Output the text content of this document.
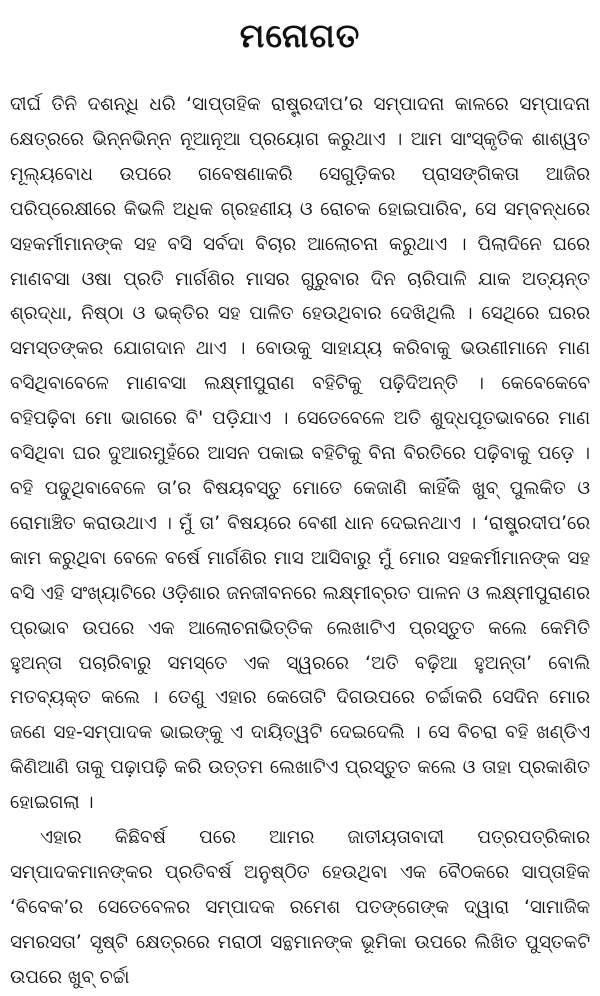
ମନୋଗତ

ଦୀର୍ଘ ତିନି ଦଶନ୍ଧି ଧରି ‘ସାପ୍ତାହିକ ରାଷ୍ଟ୍ରଦୀପ’ର ସମ୍ପାଦନା କାଳରେ ସମ୍ପାଦନା କ୍ଷେତ୍ରରେ ଭିନ୍ନଭିନ୍ନ ନୂଆନୂଆ ପ୍ରୟୋଗ କରୁଥାଏ । ଆମ ସାଂସ୍କୃତିକ ଶାଶ୍ୱତ ମୂଲ୍ୟବୋଧ ଉପରେ ଗବେଷଣାକରି ସେଗୁଡ଼ିକର ପ୍ରାସଙ୍ଗିକତା ଆଜିର ପରିପ୍ରେକ୍ଷୀରେ କିଭଳି ଅଧିକ ଗ୍ରହଣୀୟ ଓ ରୋଚକ ହୋଇପାରିବ, ସେ ସମ୍ବନ୍ଧରେ ସହକର୍ମୀମାନଙ୍କ ସହ ବସି ସର୍ବଦା ବିଚାର ଆଲୋଚନା କରୁଥାଏ । ପିଲାଦିନେ ଘରେ ମାଣବସା ଓଷା ପ୍ରତି ମାର୍ଗଶିର ମାସର ଗୁରୁବାର ଦିନ ଚାରିପାଳି ଯାକ ଅତ୍ୟନ୍ତ ଶ୍ରଦ୍ଧା, ନିଷ୍ଠା ଓ ଭକ୍ତିର ସହ ପାଳିତ ହେଉଥିବାର ଦେଖିଥିଲି । ସେଥିରେ ଘରର ସମସ୍ତଙ୍କର ଯୋଗଦାନ ଥାଏ । ବୋଉକୁ ସାହାଯ୍ୟ କରିବାକୁ ଭଉଣୀମାନେ ମାଣ ବସିଥିବାବେଳେ ମାଣବସା ଲକ୍ଷ୍ମୀପୁରାଣ ବହିଟିକୁ ପଢ଼ିଦିଅନ୍ତି । କେବେକେବେ ବହିପଢ଼ିବା ମୋ ଭାଗରେ ବି' ପଡ଼ିଯାଏ । ସେତେବେଳେ ଅତି ଶୁଦ୍ଧପୂତଭାବରେ ମାଣ ବସିଥିବା ଘର ଦୁଆରମୁହଁରେ ଆସନ ପକାଇ ବହିଟିକୁ ବିନା ବିରତିରେ ପଢ଼ିବାକୁ ପଡ଼େ । ବହି ପଢୁଥିବାବେଳେ ତା’ର ବିଷୟବସ୍ତୁ ମୋତେ କେଜାଣି କାହିଁକି ଖୁବ୍ ପୁଲକିତ ଓ ରୋମାଞ୍ଚିତ କରାଉଥାଏ । ମୁଁ ତା’ ବିଷୟରେ ବେଶୀ ଧାନ ଦେଇନଥାଏ । ‘ରାଷ୍ଟ୍ରଦୀପ’ରେ କାମ କରୁଥିବା ବେଳେ ବର୍ଷେ ମାର୍ଗଶିର ମାସ ଆସିବାରୁ ମୁଁ ମୋର ସହକର୍ମୀମାନଙ୍କ ସହ ବସି ଏହି ସଂଖ୍ୟାଟିରେ ଓଡ଼ିଶାର ଜନଜୀବନରେ ଲକ୍ଷ୍ମୀବ୍ରତ ପାଳନ ଓ ଲକ୍ଷ୍ମୀପୁରାଣର ପ୍ରଭାବ ଉପରେ ଏକ ଆଲୋଚନାଭିତ୍ତିକ ଲେଖାଟିଏ ପ୍ରସ୍ତୁତ କଲେ କେମିତି ହୁଅନ୍ତା ପଚାରିବାରୁ ସମସ୍ତେ ଏକ ସ୍ୱରରେ ‘ଅତି ବଢ଼ିଆ ହୁଅନ୍ତା’ ବୋଲି ମତବ୍ୟକ୍ତ କଲେ । ତେଣୁ ଏହାର କେତୋଟି ଦିଗଉପରେ ଚର୍ଚ୍ଚାକରି ସେଦିନ ମୋର ଜଣେ ସହ-ସମ୍ପାଦକ ଭାଇଙ୍କୁ ଏ ଦାୟିତ୍ୱଟି ଦେଇଦେଲି । ସେ ବିଚରା ବହି ଖଣ୍ଡିଏ କିଣିଆଣି ତାକୁ ପଢ଼ାପଢ଼ି କରି ଉତ୍ତମ ଲେଖାଟିଏ ପ୍ରସ୍ତୁତ କଲେ ଓ ତାହା ପ୍ରକାଶିତ ହୋଇଗଲା ।

ଏହାର କିଛିବର୍ଷ ପରେ ଆମର ଜାତୀୟତାବାଦୀ ପତ୍ରପତ୍ରିକାର ସମ୍ପାଦକମାନଙ୍କର ପ୍ରତିବର୍ଷ ଅନୁଷ୍ଠିତ ହେଉଥିବା ଏକ ବୈଠକରେ ସାପ୍ତାହିକ ‘ବିବେକ’ର ସେତେବେଳର ସମ୍ପାଦକ ରମେଶ ପତଙ୍ଗେଙ୍କ ଦ୍ୱାରା ‘ସାମାଜିକ ସମରସତା’ ସୃଷ୍ଟି କ୍ଷେତ୍ରରେ ମରାଠୀ ସନ୍ଥମାନଙ୍କ ଭୂମିକା ଉପରେ ଲିଖିତ ପୁସ୍ତକଟି ଉପରେ ଖୁବ୍ ଚର୍ଚ୍ଚା
